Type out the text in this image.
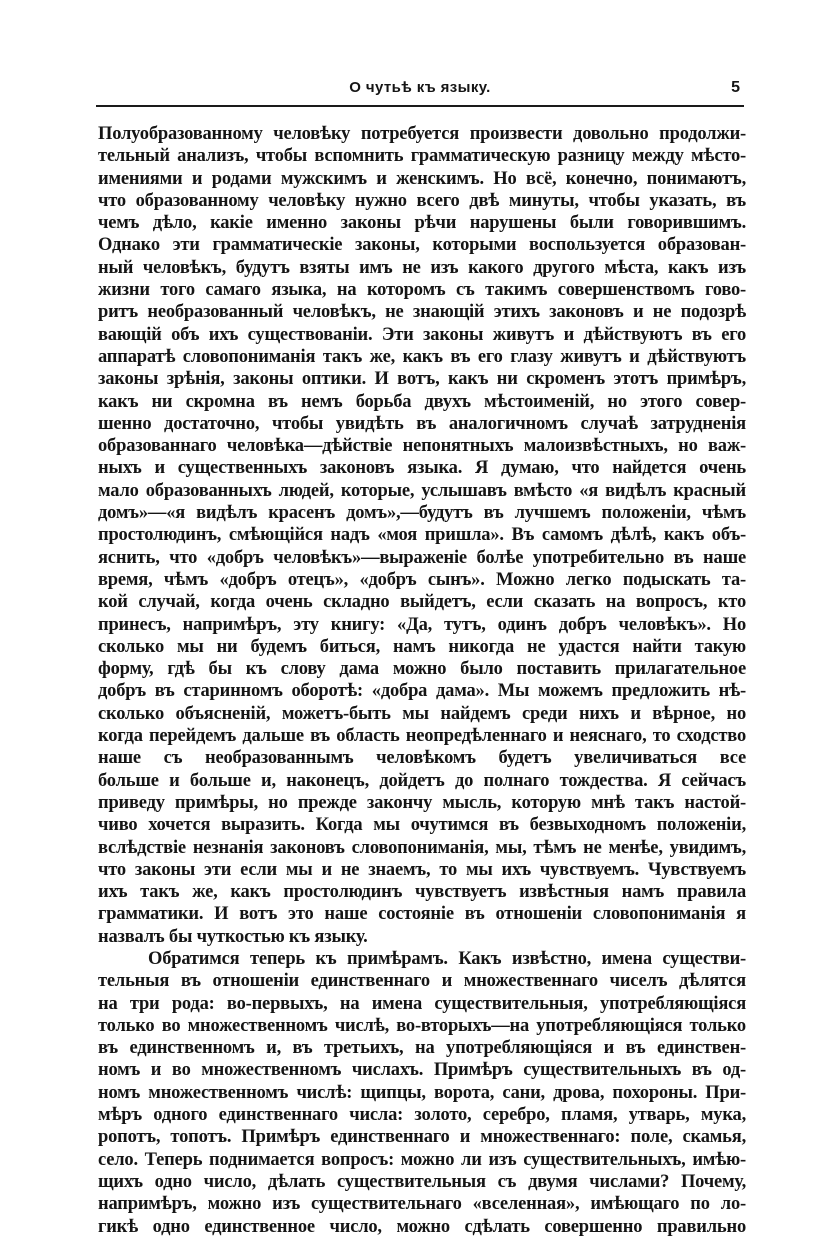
О чутьѣ къ языку.	5
Полуобразованному человѣку потребуется произвести довольно продолжи-
тельный анализъ, чтобы вспомнить грамматическую разницу между мѣсто-
имениями и родами мужскимъ и женскимъ. Но всё, конечно, понимаютъ,
что образованному человѣку нужно всего двѣ минуты, чтобы указать, въ
чемъ дѣло, какіе именно законы рѣчи нарушены были говорившимъ.
Однако эти грамматическіе законы, которыми воспользуется образован-
ный человѣкъ, будутъ взяты имъ не изъ какого другого мѣста, какъ изъ
жизни того самаго языка, на которомъ съ такимъ совершенствомъ гово-
ритъ необразованный человѣкъ, не знающій этихъ законовъ и не подозрѣ
вающій объ ихъ существованіи. Эти законы живутъ и дѣйствуютъ въ его
аппаратѣ словопониманія такъ же, какъ въ его глазу живутъ и дѣйствуютъ
законы зрѣнія, законы оптики. И вотъ, какъ ни скроменъ этотъ примѣръ,
какъ ни скромна въ немъ борьба двухъ мѣстоименій, но этого совер-
шенно достаточно, чтобы увидѣть въ аналогичномъ случаѣ затрудненія
образованнаго человѣка—дѣйствіе непонятныхъ малоизвѣстныхъ, но важ-
ныхъ и существенныхъ законовъ языка. Я думаю, что найдется очень
мало образованныхъ людей, которые, услышавъ вмѣсто «я видѣлъ красный
домъ»—«я видѣлъ красенъ домъ»,—будутъ въ лучшемъ положеніи, чѣмъ
простолюдинъ, смѣющійся надъ «моя пришла». Въ самомъ дѣлѣ, какъ объ-
яснить, что «добръ человѣкъ»—выраженіе болѣе употребительно въ наше
время, чѣмъ «добръ отецъ», «добръ сынъ». Можно легко подыскать та-
кой случай, когда очень складно выйдетъ, если сказать на вопросъ, кто
принесъ, напримѣръ, эту книгу: «Да, тутъ, одинъ добръ человѣкъ». Но
сколько мы ни будемъ биться, намъ никогда не удастся найти такую
форму, гдѣ бы къ слову дама можно было поставить прилагательное
добръ въ старинномъ оборотѣ: «добра дама». Мы можемъ предложить нѣ-
сколько объясненій, можетъ-быть мы найдемъ среди нихъ и вѣрное, но
когда перейдемъ дальше въ область неопредѣленнаго и неяснаго, то сходство
наше съ необразованнымъ человѣкомъ будетъ увеличиваться все
больше и больше и, наконецъ, дойдетъ до полнаго тождества. Я сейчасъ
приведу примѣры, но прежде закончу мысль, которую мнѣ такъ настой-
чиво хочется выразить. Когда мы очутимся въ безвыходномъ положеніи,
вслѣдствіе незнанія законовъ словопониманія, мы, тѣмъ не менѣе, увидимъ,
что законы эти если мы и не знаемъ, то мы ихъ чувствуемъ. Чувствуемъ
ихъ такъ же, какъ простолюдинъ чувствуетъ извѣстныя намъ правила
грамматики. И вотъ это наше состояніе въ отношеніи словопониманія я
назвалъ бы чуткостью къ языку.
Обратимся теперь къ примѣрамъ. Какъ извѣстно, имена существи-
тельныя въ отношеніи единственнаго и множественнаго чиселъ дѣлятся
на три рода: во-первыхъ, на имена существительныя, употребляющіяся
только во множественномъ числѣ, во-вторыхъ—на употребляющіяся только
въ единственномъ и, въ третьихъ, на употребляющіяся и въ единствен-
номъ и во множественномъ числахъ. Примѣръ существительныхъ въ од-
номъ множественномъ числѣ: щипцы, ворота, сани, дрова, похороны. При-
мѣръ одного единственнаго числа: золото, серебро, пламя, утварь, мука,
ропотъ, топотъ. Примѣръ единственнаго и множественнаго: поле, скамья,
село. Теперь поднимается вопросъ: можно ли изъ существительныхъ, имѣю-
щихъ одно число, дѣлать существительныя съ двумя числами? Почему,
напримѣръ, можно изъ существительнаго «вселенная», имѣющаго по ло-
гикѣ одно единственное число, можно сдѣлать совершенно правильно
